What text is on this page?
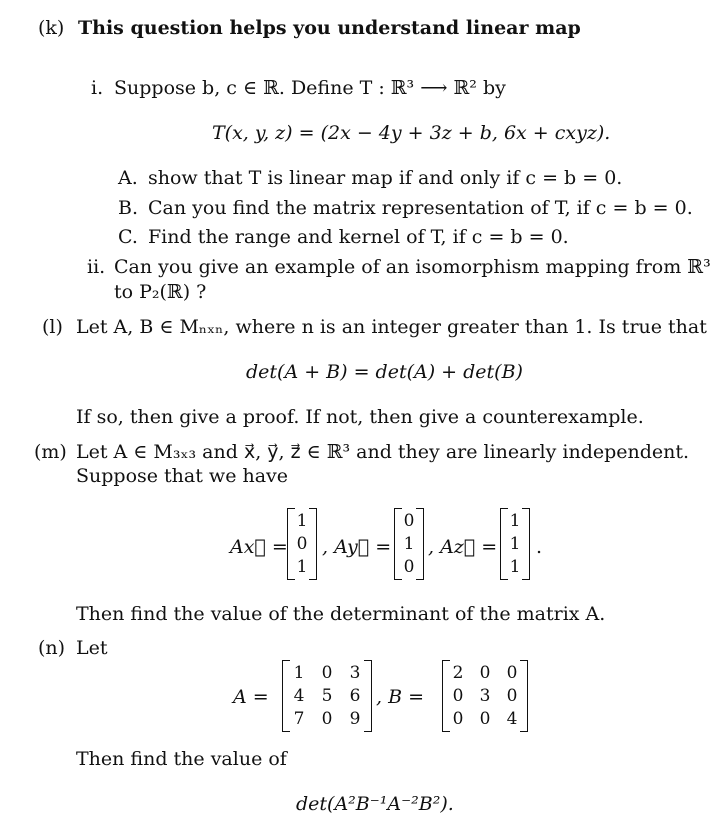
(k) This question helps you understand linear map
i. Suppose b, c ∈ ℝ. Define T : ℝ³ ⟶ ℝ² by
T(x, y, z) = (2x − 4y + 3z + b, 6x + cxyz).
A. show that T is linear map if and only if c = b = 0.
B. Can you find the matrix representation of T, if c = b = 0.
C. Find the range and kernel of T, if c = b = 0.
ii. Can you give an example of an isomorphism mapping from ℝ³
to P₂(ℝ) ?
(l) Let A, B ∈ Mₙₓₙ, where n is an integer greater than 1. Is true that
det(A + B) = det(A) + det(B)
If so, then give a proof. If not, then give a counterexample.
(m) Let A ∈ M₃ₓ₃ and x⃗, y⃗, z⃗ ∈ ℝ³ and they are linearly independent.
Suppose that we have
Ax⃗ =
1
0
1
, Ay⃗ =
0
1
0
, Az⃗ =
1
1
1
.
Then find the value of the determinant of the matrix A.
(n) Let
A =
1 0 3
4 5 6
7 0 9
, B =
2 0 0
0 3 0
0 0 4
Then find the value of
det(A²B⁻¹A⁻²B²).
